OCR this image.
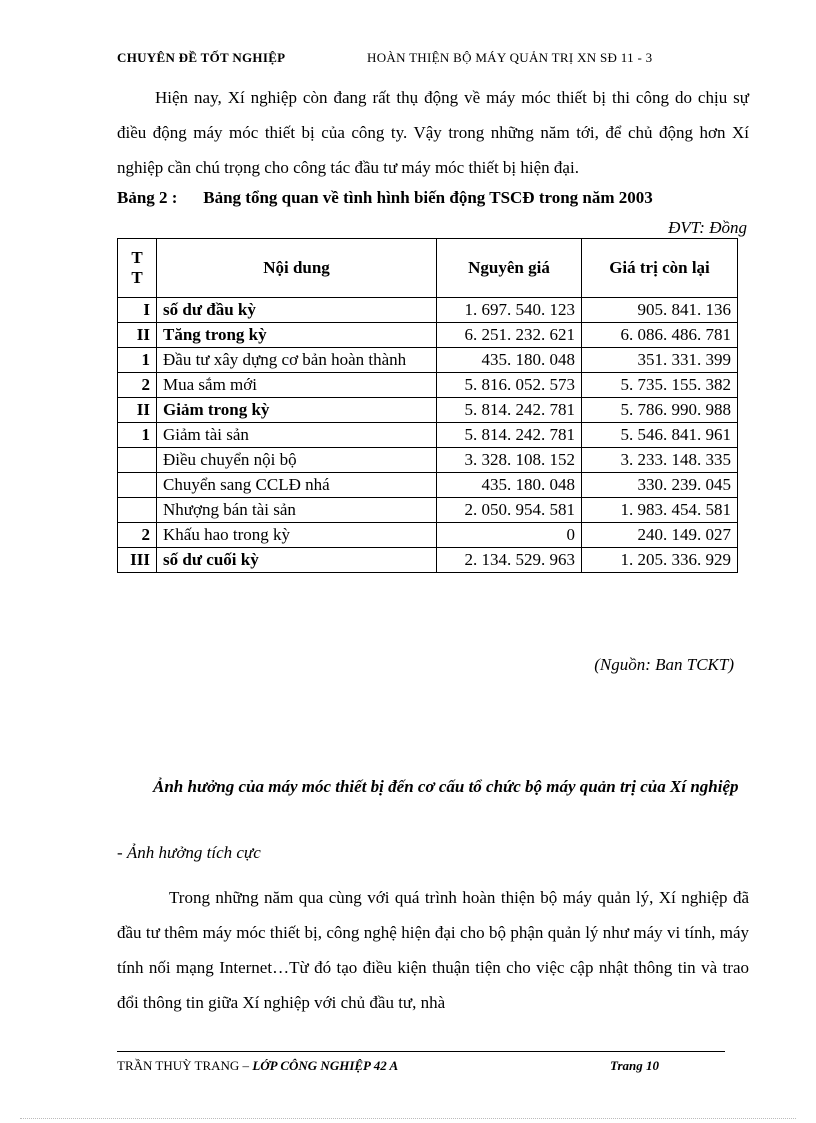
CHUYÊN ĐỀ TỐT NGHIỆP	HOÀN THIỆN BỘ MÁY QUẢN TRỊ XN SĐ 11 - 3
Hiện nay, Xí nghiệp còn đang rất thụ động về máy móc thiết bị thi công do chịu sự điều động máy móc thiết bị của công ty. Vậy trong những năm tới, để chủ động hơn Xí nghiệp cần chú trọng cho công tác đầu tư máy móc thiết bị hiện đại.
Bảng 2 : Bảng tổng quan về tình hình biến động TSCĐ trong năm 2003
ĐVT: Đồng
T T	Nội dung	Nguyên giá	Giá trị còn lại
I	số dư đầu kỳ	1. 697. 540. 123	905. 841. 136
II	Tăng trong kỳ	6. 251. 232. 621	6. 086. 486. 781
1	Đầu tư xây dựng cơ bản hoàn thành	435. 180. 048	351. 331. 399
2	Mua sắm mới	5. 816. 052. 573	5. 735. 155. 382
II	Giảm trong kỳ	5. 814. 242. 781	5. 786. 990. 988
1	Giảm tài sản	5. 814. 242. 781	5. 546. 841. 961
	Điều chuyển nội bộ	3. 328. 108. 152	3. 233. 148. 335
	Chuyển sang CCLĐ nhá	435. 180. 048	330. 239. 045
	Nhượng bán tài sản	2. 050. 954. 581	1. 983. 454. 581
2	Khấu hao trong kỳ	0	240. 149. 027
III	số dư cuối kỳ	2. 134. 529. 963	1. 205. 336. 929
(Nguồn: Ban TCKT)
Ảnh hưởng của máy móc thiết bị đến cơ cấu tổ chức bộ máy quản trị của Xí nghiệp
- Ảnh hưởng tích cực
Trong những năm qua cùng với quá trình hoàn thiện bộ máy quản lý, Xí nghiệp đã đầu tư thêm máy móc thiết bị, công nghệ hiện đại cho bộ phận quản lý như máy vi tính, máy tính nối mạng Internet…Từ đó tạo điều kiện thuận tiện cho việc cập nhật thông tin và trao đổi thông tin giữa Xí nghiệp với chủ đầu tư, nhà
TRẦN THUỲ TRANG – LỚP CÔNG NGHIỆP 42 A	Trang 10
